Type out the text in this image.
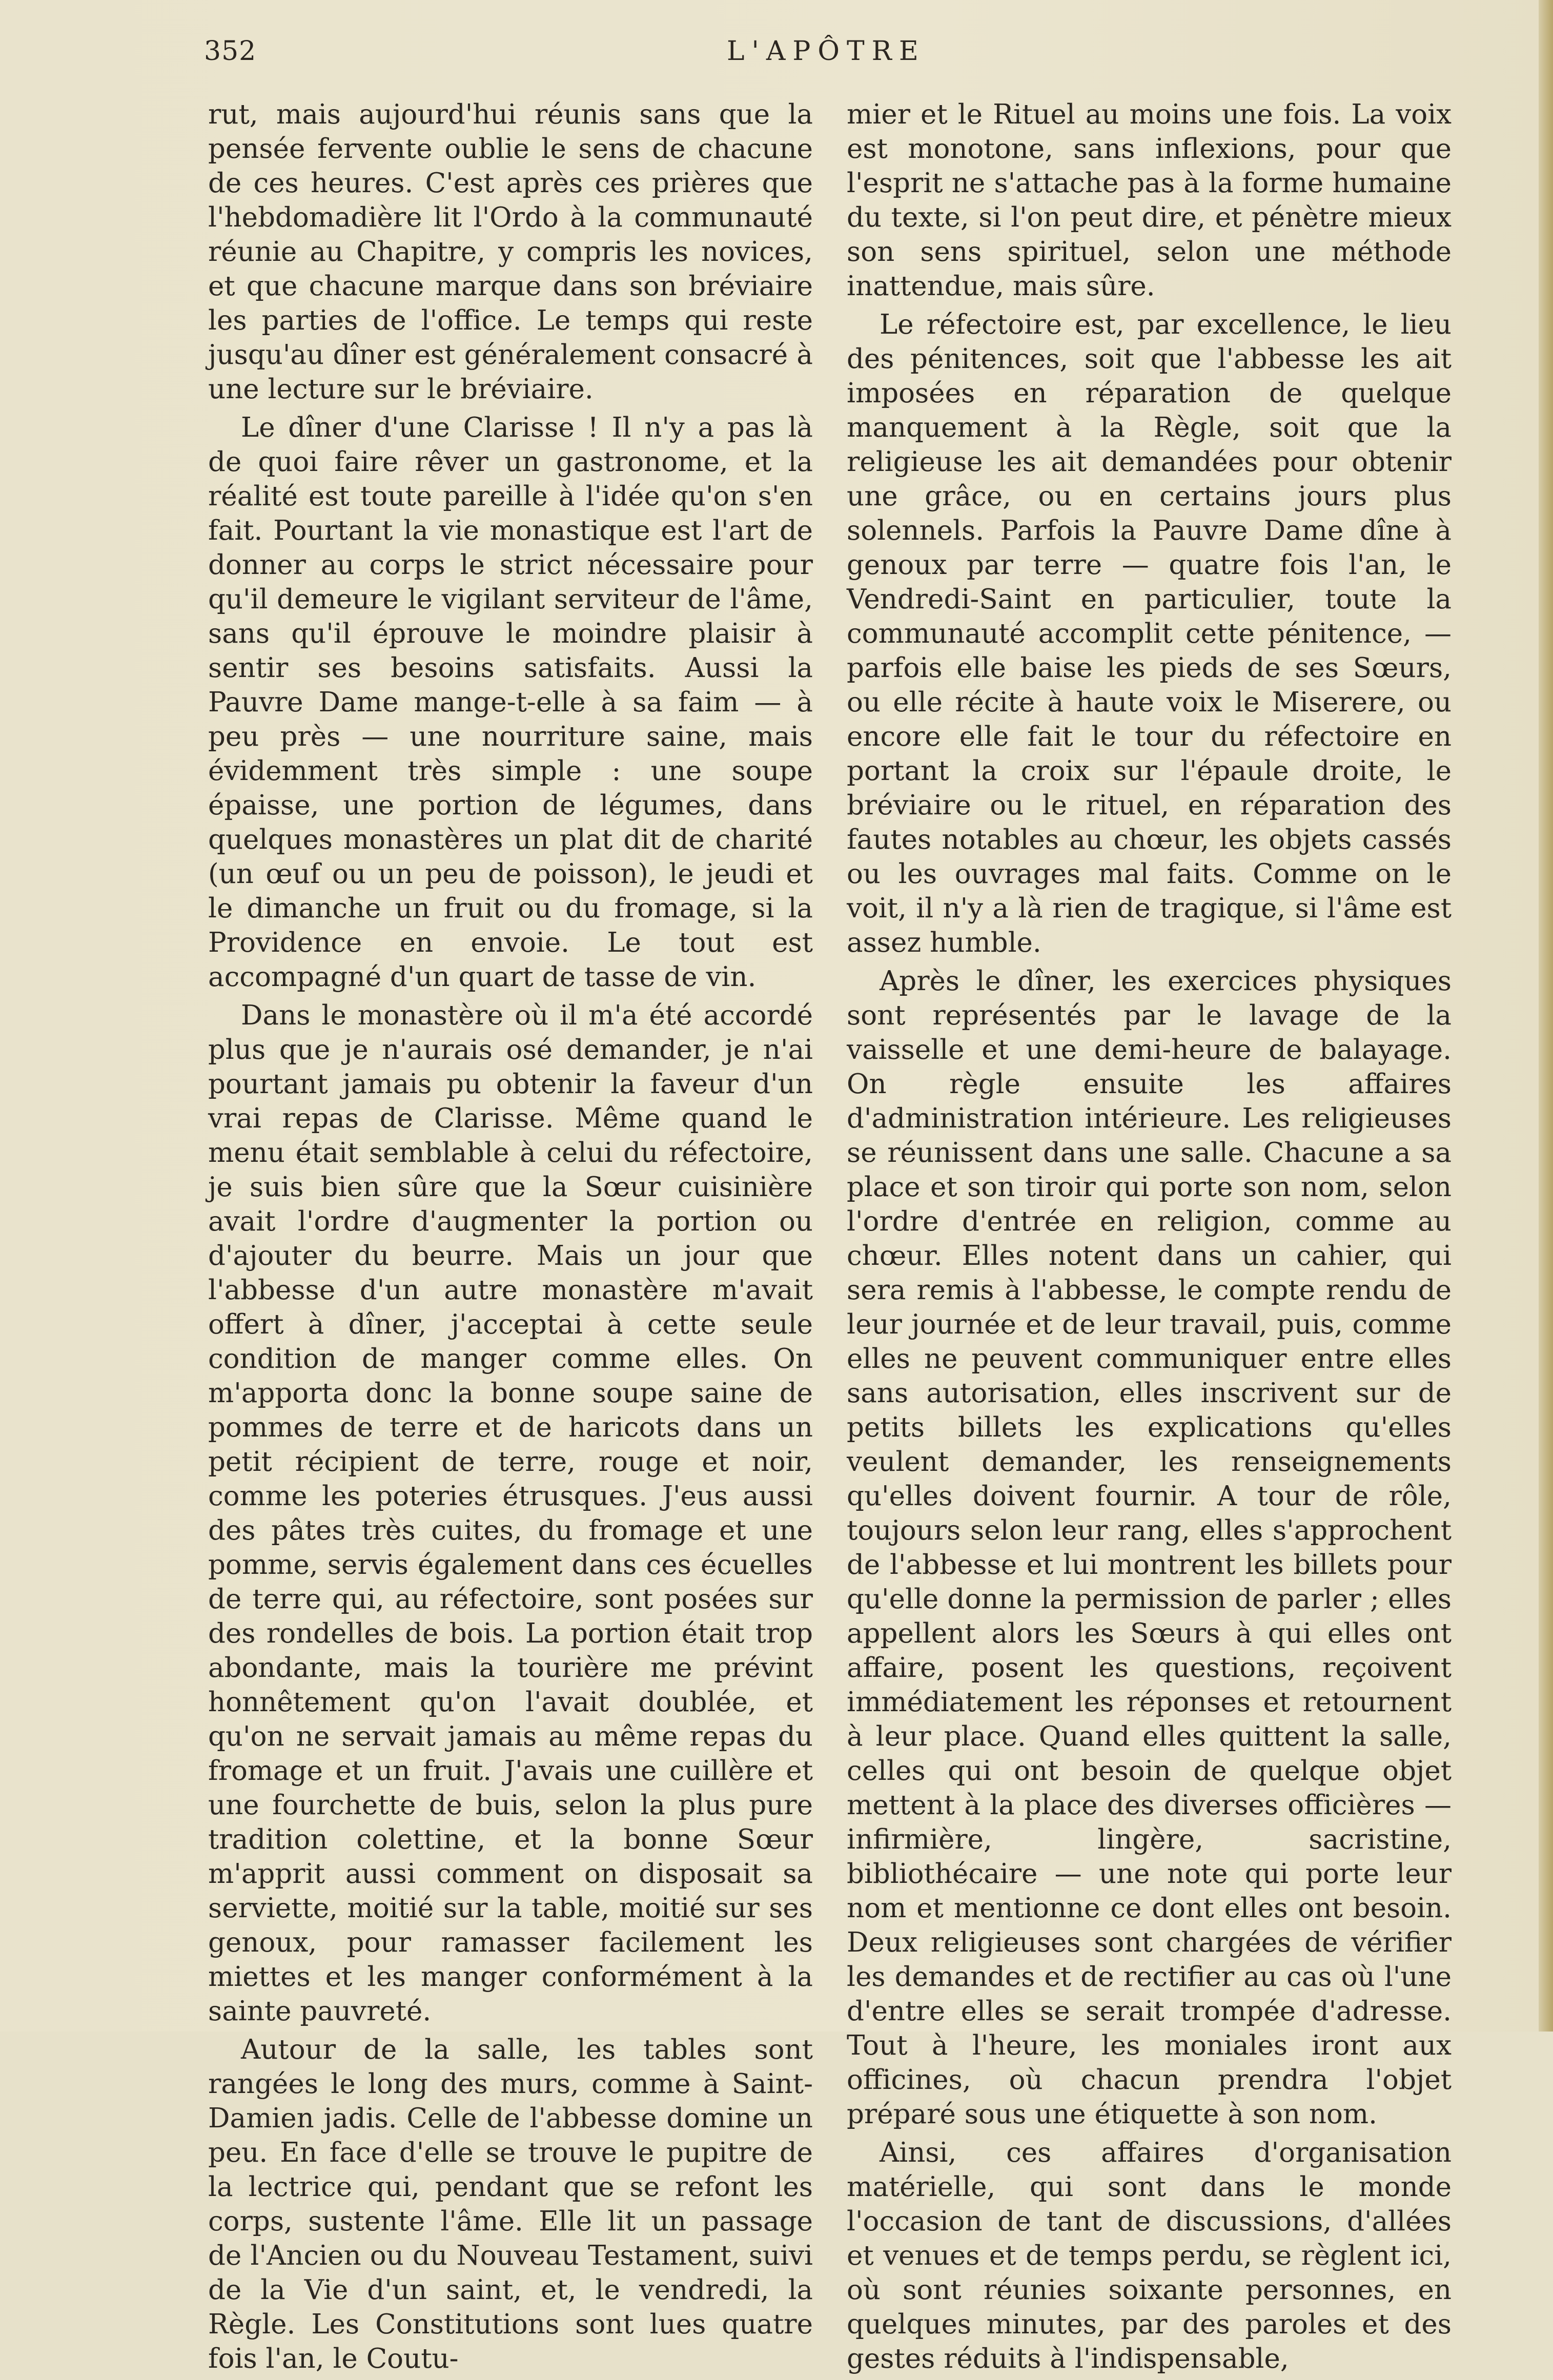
352	L'APÔTRE

rut, mais aujourd'hui réunis sans que la pensée fervente oublie le sens de chacune de ces heures. C'est après ces prières que l'hebdomadière lit l'Ordo à la communauté réunie au Chapitre, y compris les novices, et que chacune marque dans son bréviaire les parties de l'office. Le temps qui reste jusqu'au dîner est généralement consacré à une lecture sur le bréviaire.

Le dîner d'une Clarisse ! Il n'y a pas là de quoi faire rêver un gastronome, et la réalité est toute pareille à l'idée qu'on s'en fait. Pourtant la vie monastique est l'art de donner au corps le strict nécessaire pour qu'il demeure le vigilant serviteur de l'âme, sans qu'il éprouve le moindre plaisir à sentir ses besoins satisfaits. Aussi la Pauvre Dame mange-t-elle à sa faim — à peu près — une nourriture saine, mais évidemment très simple : une soupe épaisse, une portion de légumes, dans quelques monastères un plat dit de charité (un œuf ou un peu de poisson), le jeudi et le dimanche un fruit ou du fromage, si la Providence en envoie. Le tout est accompagné d'un quart de tasse de vin.

Dans le monastère où il m'a été accordé plus que je n'aurais osé demander, je n'ai pourtant jamais pu obtenir la faveur d'un vrai repas de Clarisse. Même quand le menu était semblable à celui du réfectoire, je suis bien sûre que la Sœur cuisinière avait l'ordre d'augmenter la portion ou d'ajouter du beurre. Mais un jour que l'abbesse d'un autre monastère m'avait offert à dîner, j'acceptai à cette seule condition de manger comme elles. On m'apporta donc la bonne soupe saine de pommes de terre et de haricots dans un petit récipient de terre, rouge et noir, comme les poteries étrusques. J'eus aussi des pâtes très cuites, du fromage et une pomme, servis également dans ces écuelles de terre qui, au réfectoire, sont posées sur des rondelles de bois. La portion était trop abondante, mais la tourière me prévint honnêtement qu'on l'avait doublée, et qu'on ne servait jamais au même repas du fromage et un fruit. J'avais une cuillère et une fourchette de buis, selon la plus pure tradition colettine, et la bonne Sœur m'apprit aussi comment on disposait sa serviette, moitié sur la table, moitié sur ses genoux, pour ramasser facilement les miettes et les manger conformément à la sainte pauvreté.

Autour de la salle, les tables sont rangées le long des murs, comme à Saint-Damien jadis. Celle de l'abbesse domine un peu. En face d'elle se trouve le pupitre de la lectrice qui, pendant que se refont les corps, sustente l'âme. Elle lit un passage de l'Ancien ou du Nouveau Testament, suivi de la Vie d'un saint, et, le vendredi, la Règle. Les Constitutions sont lues quatre fois l'an, le Coutu-

mier et le Rituel au moins une fois. La voix est monotone, sans inflexions, pour que l'esprit ne s'attache pas à la forme humaine du texte, si l'on peut dire, et pénètre mieux son sens spirituel, selon une méthode inattendue, mais sûre.

Le réfectoire est, par excellence, le lieu des pénitences, soit que l'abbesse les ait imposées en réparation de quelque manquement à la Règle, soit que la religieuse les ait demandées pour obtenir une grâce, ou en certains jours plus solennels. Parfois la Pauvre Dame dîne à genoux par terre — quatre fois l'an, le Vendredi-Saint en particulier, toute la communauté accomplit cette pénitence, — parfois elle baise les pieds de ses Sœurs, ou elle récite à haute voix le Miserere, ou encore elle fait le tour du réfectoire en portant la croix sur l'épaule droite, le bréviaire ou le rituel, en réparation des fautes notables au chœur, les objets cassés ou les ouvrages mal faits. Comme on le voit, il n'y a là rien de tragique, si l'âme est assez humble.

Après le dîner, les exercices physiques sont représentés par le lavage de la vaisselle et une demi-heure de balayage. On règle ensuite les affaires d'administration intérieure. Les religieuses se réunissent dans une salle. Chacune a sa place et son tiroir qui porte son nom, selon l'ordre d'entrée en religion, comme au chœur. Elles notent dans un cahier, qui sera remis à l'abbesse, le compte rendu de leur journée et de leur travail, puis, comme elles ne peuvent communiquer entre elles sans autorisation, elles inscrivent sur de petits billets les explications qu'elles veulent demander, les renseignements qu'elles doivent fournir. A tour de rôle, toujours selon leur rang, elles s'approchent de l'abbesse et lui montrent les billets pour qu'elle donne la permission de parler ; elles appellent alors les Sœurs à qui elles ont affaire, posent les questions, reçoivent immédiatement les réponses et retournent à leur place. Quand elles quittent la salle, celles qui ont besoin de quelque objet mettent à la place des diverses officières — infirmière, lingère, sacristine, bibliothécaire — une note qui porte leur nom et mentionne ce dont elles ont besoin. Deux religieuses sont chargées de vérifier les demandes et de rectifier au cas où l'une d'entre elles se serait trompée d'adresse. Tout à l'heure, les moniales iront aux officines, où chacun prendra l'objet préparé sous une étiquette à son nom.

Ainsi, ces affaires d'organisation matérielle, qui sont dans le monde l'occasion de tant de discussions, d'allées et venues et de temps perdu, se règlent ici, où sont réunies soixante personnes, en quelques minutes, par des paroles et des gestes réduits à l'indispensable,
